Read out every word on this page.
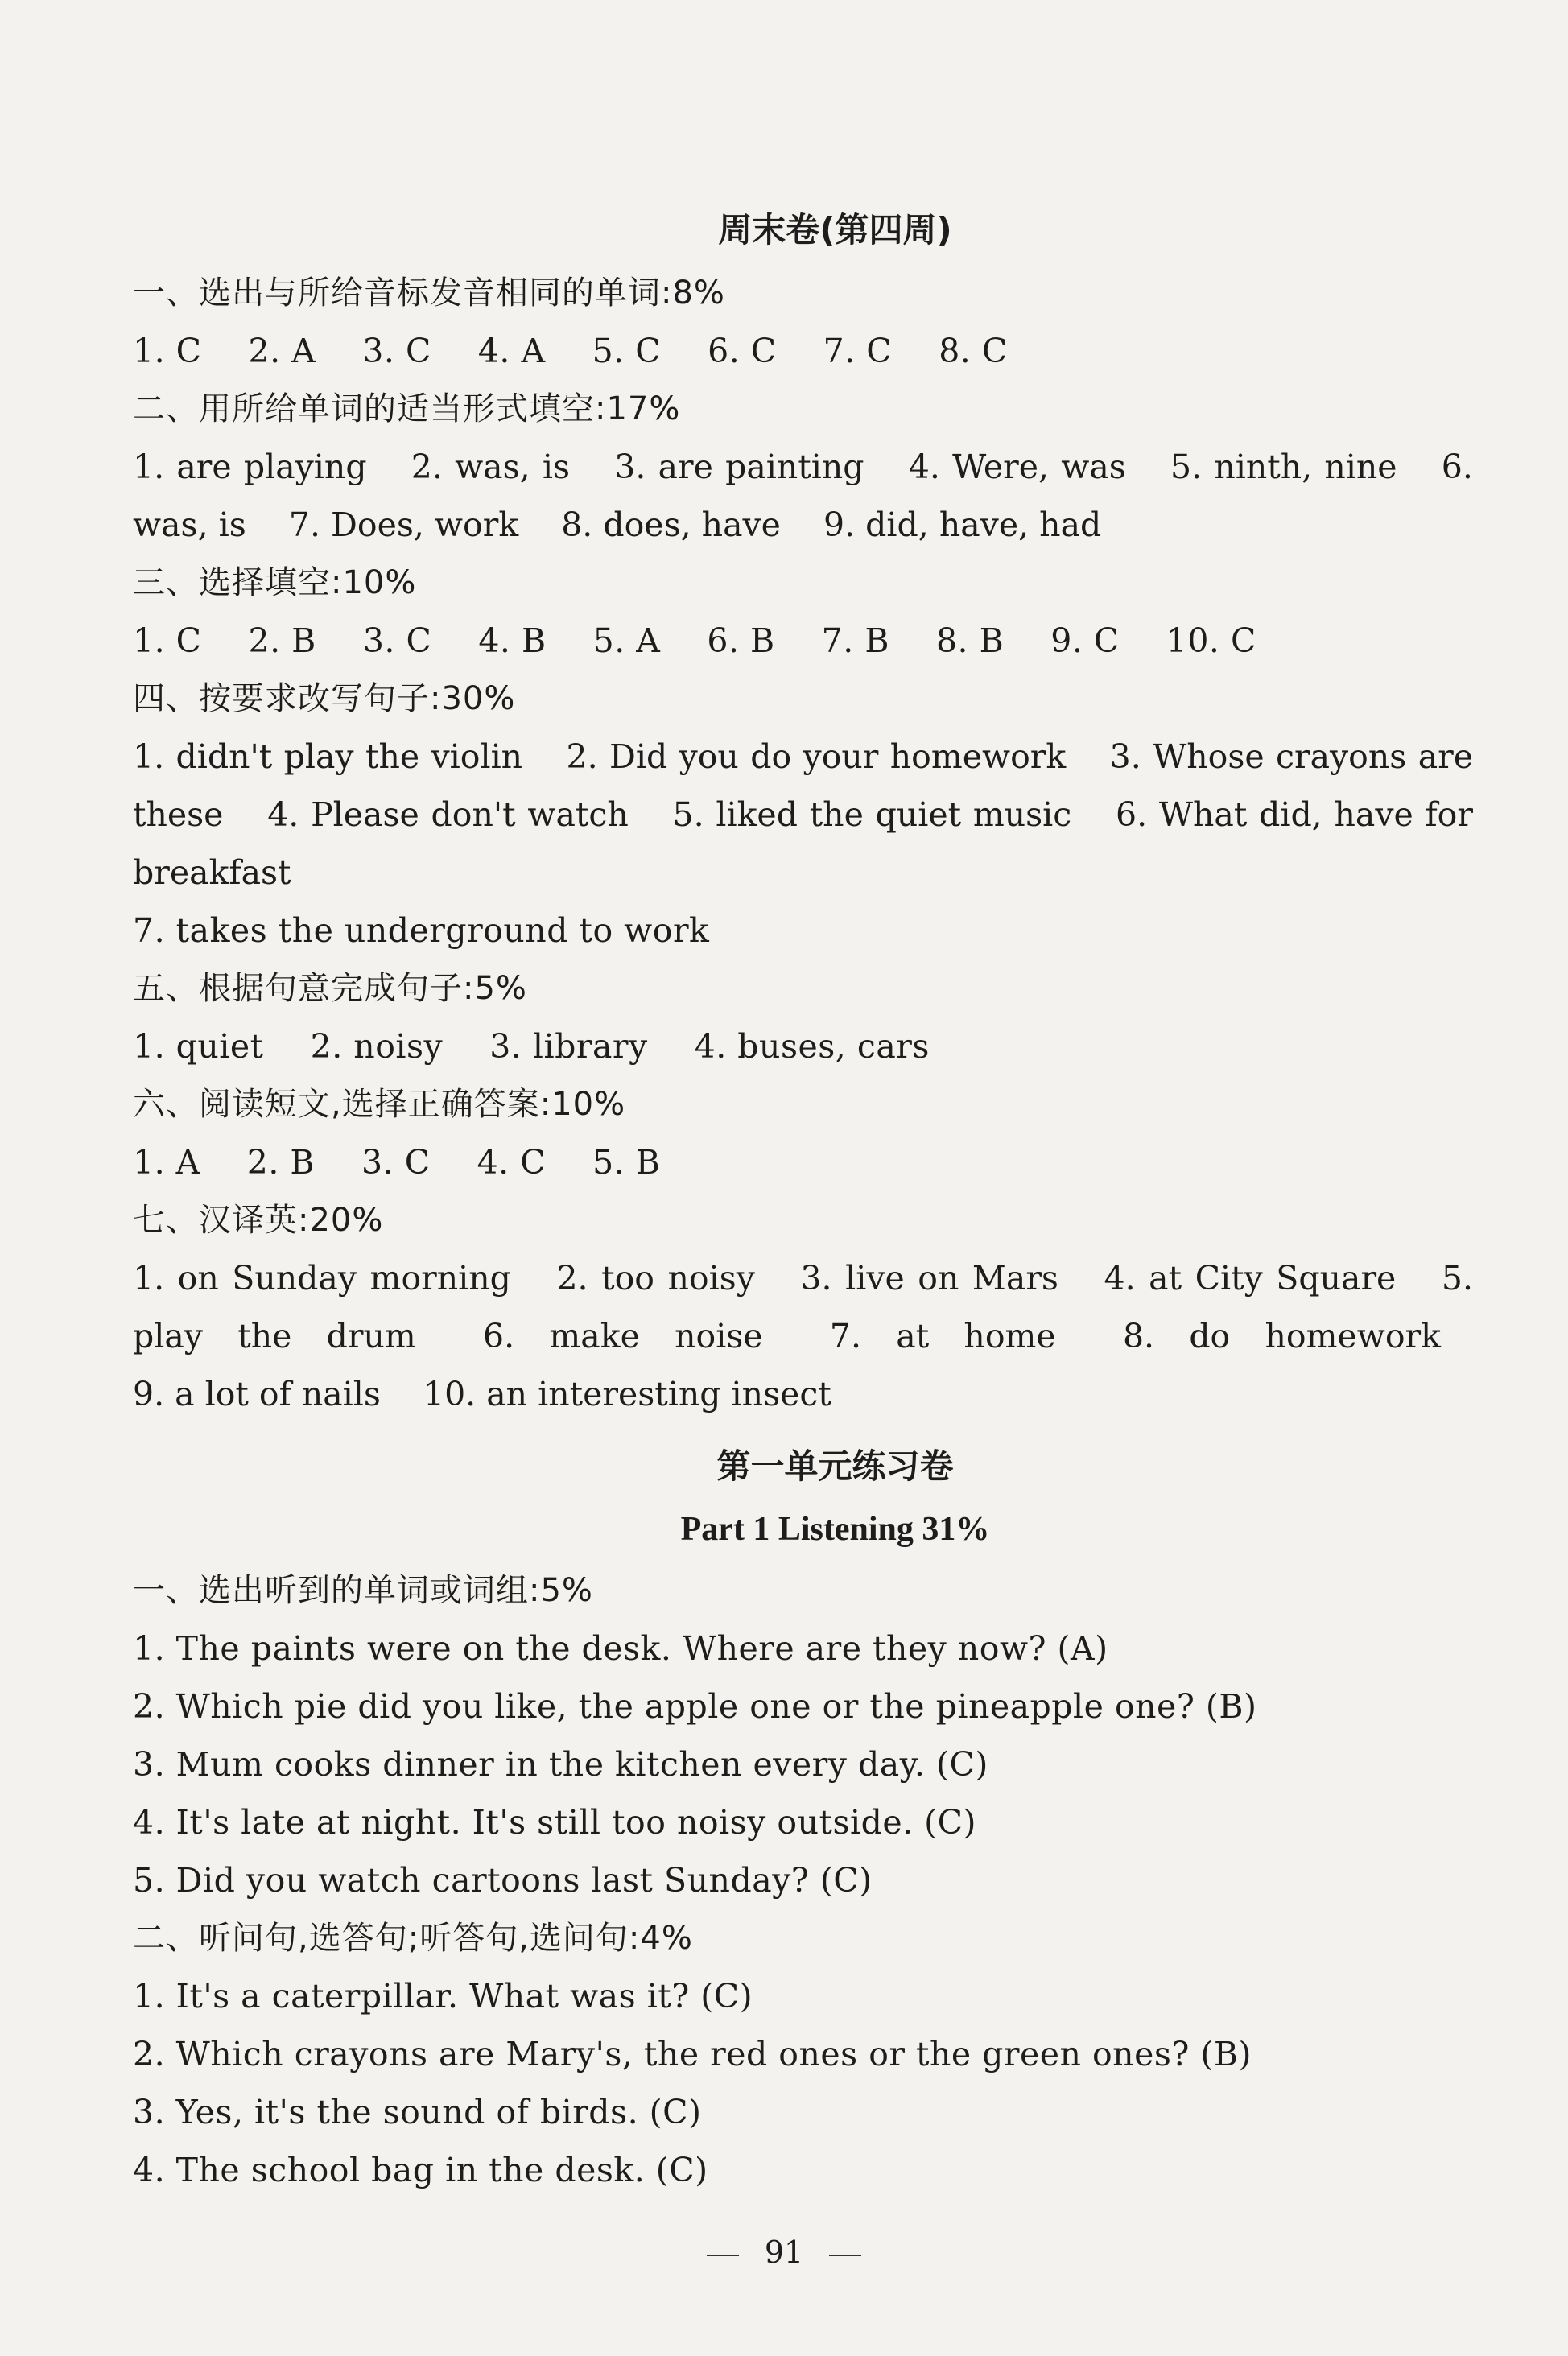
周末卷(第四周)
一、选出与所给音标发音相同的单词:8%
1. C 2. A 3. C 4. A 5. C 6. C 7. C 8. C
二、用所给单词的适当形式填空:17%
1. are playing 2. was, is 3. are painting 4. Were, was 5. ninth, nine 6. was, is 7. Does, work 8. does, have 9. did, have, had
三、选择填空:10%
1. C 2. B 3. C 4. B 5. A 6. B 7. B 8. B 9. C 10. C
四、按要求改写句子:30%
1. didn't play the violin 2. Did you do your homework 3. Whose crayons are these 4. Please don't watch 5. liked the quiet music 6. What did, have for breakfast
7. takes the underground to work
五、根据句意完成句子:5%
1. quiet 2. noisy 3. library 4. buses, cars
六、阅读短文,选择正确答案:10%
1. A 2. B 3. C 4. C 5. B
七、汉译英:20%
1. on Sunday morning 2. too noisy 3. live on Mars 4. at City Square 5. play the drum 6. make noise 7. at home 8. do homework 9. a lot of nails 10. an interesting insect
第一单元练习卷
Part 1 Listening 31%
一、选出听到的单词或词组:5%
1. The paints were on the desk. Where are they now? (A)
2. Which pie did you like, the apple one or the pineapple one? (B)
3. Mum cooks dinner in the kitchen every day. (C)
4. It's late at night. It's still too noisy outside. (C)
5. Did you watch cartoons last Sunday? (C)
二、听问句,选答句;听答句,选问句:4%
1. It's a caterpillar. What was it? (C)
2. Which crayons are Mary's, the red ones or the green ones? (B)
3. Yes, it's the sound of birds. (C)
4. The school bag in the desk. (C)
91
